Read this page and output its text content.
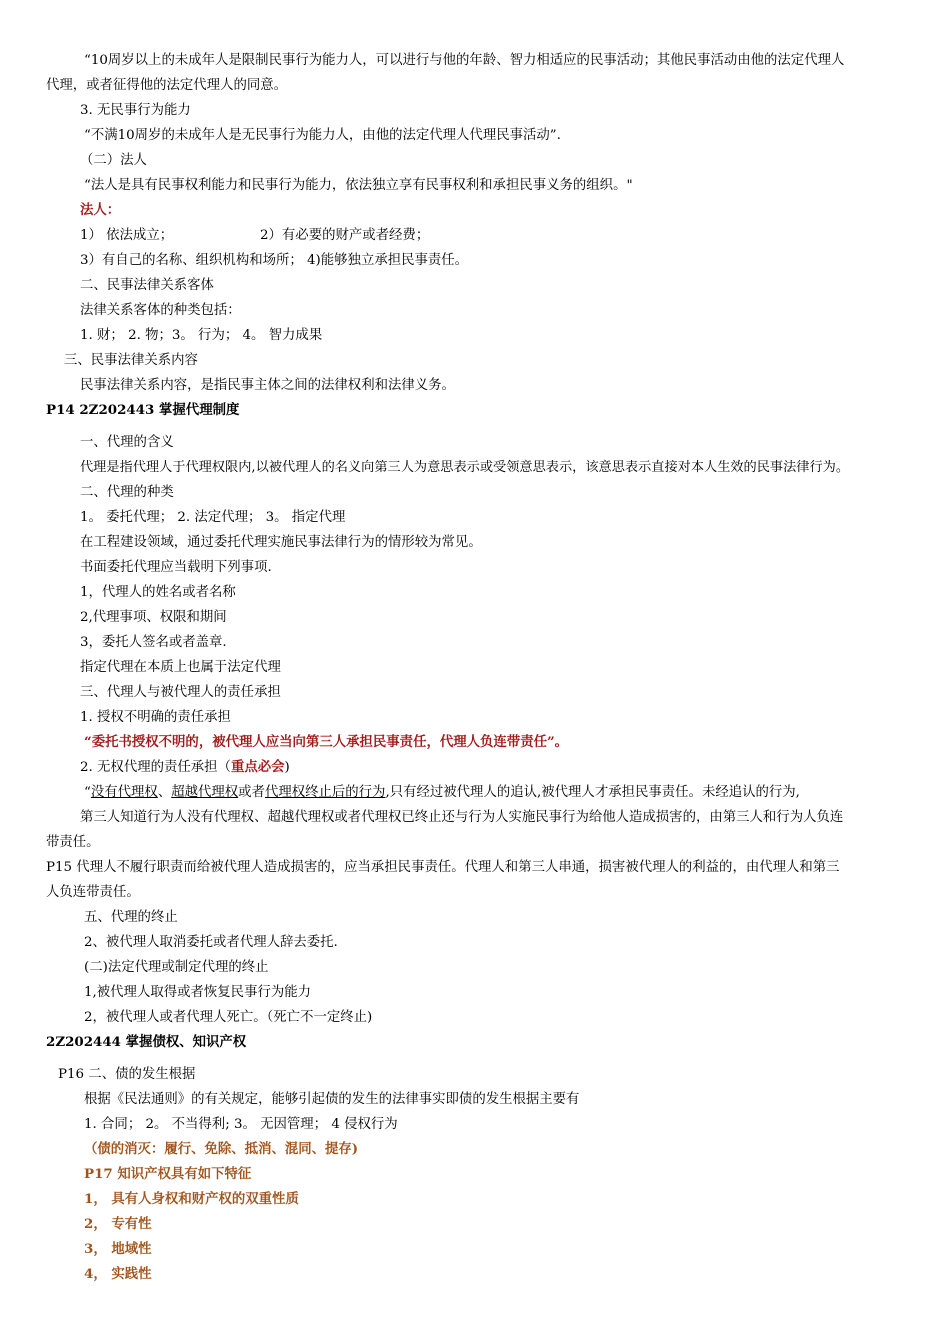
“10周岁以上的未成年人是限制民事行为能力人，可以进行与他的年龄、智力相适应的民事活动；其他民事活动由他的法定代理人
代理，或者征得他的法定代理人的同意。
3. 无民事行为能力
“不满10周岁的未成年人是无民事行为能力人，由他的法定代理人代理民事活动”.
（二）法人
“法人是具有民事权利能力和民事行为能力，依法独立享有民事权利和承担民事义务的组织。"
法人：
1） 依法成立；	2）有必要的财产或者经费；
3）有自己的名称、组织机构和场所； 4)能够独立承担民事责任。
二、民事法律关系客体
法律关系客体的种类包括：
1. 财； 2. 物；3。 行为； 4。 智力成果
三、民事法律关系内容
民事法律关系内容，是指民事主体之间的法律权利和法律义务。
P14 2Z202443 掌握代理制度
一、代理的含义
代理是指代理人于代理权限内,以被代理人的名义向第三人为意思表示或受领意思表示，该意思表示直接对本人生效的民事法律行为。
二、代理的种类
1。 委托代理； 2. 法定代理； 3。 指定代理
在工程建设领域，通过委托代理实施民事法律行为的情形较为常见。
书面委托代理应当载明下列事项.
1，代理人的姓名或者名称
2,代理事项、权限和期间
3，委托人签名或者盖章.
指定代理在本质上也属于法定代理
三、代理人与被代理人的责任承担
1. 授权不明确的责任承担
“委托书授权不明的，被代理人应当向第三人承担民事责任，代理人负连带责任”。
2. 无权代理的责任承担（重点必会)
“没有代理权、超越代理权或者代理权终止后的行为,只有经过被代理人的追认,被代理人才承担民事责任。未经追认的行为,
第三人知道行为人没有代理权、超越代理权或者代理权已终止还与行为人实施民事行为给他人造成损害的，由第三人和行为人负连
带责任。
P15 代理人不履行职责而给被代理人造成损害的，应当承担民事责任。代理人和第三人串通，损害被代理人的利益的，由代理人和第三
人负连带责任。
五、代理的终止
2、被代理人取消委托或者代理人辞去委托.
(二)法定代理或制定代理的终止
1,被代理人取得或者恢复民事行为能力
2，被代理人或者代理人死亡。（死亡不一定终止)
2Z202444 掌握债权、知识产权
P16 二、债的发生根据
根据《民法通则》的有关规定，能够引起债的发生的法律事实即债的发生根据主要有
1. 合同； 2。 不当得利; 3。 无因管理； 4 侵权行为
（债的消灭：履行、免除、抵消、混同、提存)
P17 知识产权具有如下特征
1， 具有人身权和财产权的双重性质
2， 专有性
3， 地域性
4， 实践性
